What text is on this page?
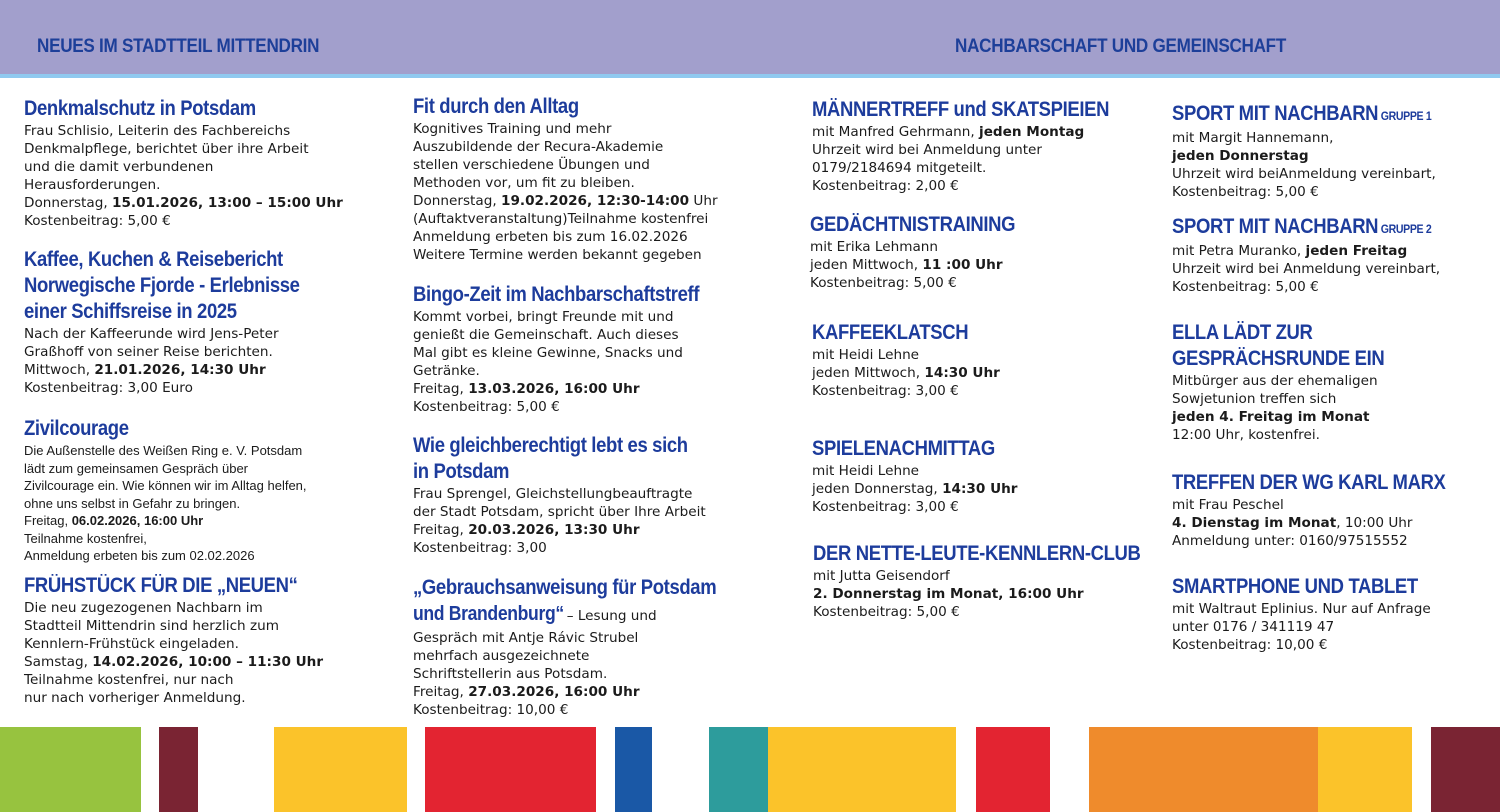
NEUES IM STADTTEIL MITTENDRIN	NACHBARSCHAFT UND GEMEINSCHAFT
Denkmalschutz in Potsdam
Frau Schlisio, Leiterin des Fachbereichs
Denkmalpflege, berichtet über ihre Arbeit
und die damit verbundenen
Herausforderungen.
Donnerstag, 15.01.2026, 13:00 – 15:00 Uhr
Kostenbeitrag: 5,00 €
Kaffee, Kuchen & Reisebericht
Norwegische Fjorde - Erlebnisse
einer Schiffsreise in 2025
Nach der Kaffeerunde wird Jens-Peter
Graßhoff von seiner Reise berichten.
Mittwoch, 21.01.2026, 14:30 Uhr
Kostenbeitrag: 3,00 Euro
Zivilcourage
Die Außenstelle des Weißen Ring e. V. Potsdam
lädt zum gemeinsamen Gespräch über
Zivilcourage ein. Wie können wir im Alltag helfen,
ohne uns selbst in Gefahr zu bringen.
Freitag, 06.02.2026, 16:00 Uhr
Teilnahme kostenfrei,
Anmeldung erbeten bis zum 02.02.2026
FRÜHSTÜCK FÜR DIE „NEUEN“
Die neu zugezogenen Nachbarn im
Stadtteil Mittendrin sind herzlich zum
Kennlern-Frühstück eingeladen.
Samstag, 14.02.2026, 10:00 – 11:30 Uhr
Teilnahme kostenfrei, nur nach
nur nach vorheriger Anmeldung.
Fit durch den Alltag
Kognitives Training und mehr
Auszubildende der Recura-Akademie
stellen verschiedene Übungen und
Methoden vor, um fit zu bleiben.
Donnerstag, 19.02.2026, 12:30-14:00 Uhr
(Auftaktveranstaltung)Teilnahme kostenfrei
Anmeldung erbeten bis zum 16.02.2026
Weitere Termine werden bekannt gegeben
Bingo-Zeit im Nachbarschaftstreff
Kommt vorbei, bringt Freunde mit und
genießt die Gemeinschaft. Auch dieses
Mal gibt es kleine Gewinne, Snacks und
Getränke.
Freitag, 13.03.2026, 16:00 Uhr
Kostenbeitrag: 5,00 €
Wie gleichberechtigt lebt es sich
in Potsdam
Frau Sprengel, Gleichstellungbeauftragte
der Stadt Potsdam, spricht über Ihre Arbeit
Freitag, 20.03.2026, 13:30 Uhr
Kostenbeitrag: 3,00
„Gebrauchsanweisung für Potsdam
und Brandenburg“ – Lesung und
Gespräch mit Antje Rávic Strubel
mehrfach ausgezeichnete
Schriftstellerin aus Potsdam.
Freitag, 27.03.2026, 16:00 Uhr
Kostenbeitrag: 10,00 €
MÄNNERTREFF und SKATSPIEIEN
mit Manfred Gehrmann, jeden Montag
Uhrzeit wird bei Anmeldung unter
0179/2184694 mitgeteilt.
Kostenbeitrag: 2,00 €
GEDÄCHTNISTRAINING
mit Erika Lehmann
jeden Mittwoch, 11 :00 Uhr
Kostenbeitrag: 5,00 €
KAFFEEKLATSCH
mit Heidi Lehne
jeden Mittwoch, 14:30 Uhr
Kostenbeitrag: 3,00 €
SPIELENACHMITTAG
mit Heidi Lehne
jeden Donnerstag, 14:30 Uhr
Kostenbeitrag: 3,00 €
DER NETTE-LEUTE-KENNLERN-CLUB
mit Jutta Geisendorf
2. Donnerstag im Monat, 16:00 Uhr
Kostenbeitrag: 5,00 €
SPORT MIT NACHBARN GRUPPE 1
mit Margit Hannemann,
jeden Donnerstag
Uhrzeit wird beiAnmeldung vereinbart,
Kostenbeitrag: 5,00 €
SPORT MIT NACHBARN GRUPPE 2
mit Petra Muranko, jeden Freitag
Uhrzeit wird bei Anmeldung vereinbart,
Kostenbeitrag: 5,00 €
ELLA LÄDT ZUR
GESPRÄCHSRUNDE EIN
Mitbürger aus der ehemaligen
Sowjetunion treffen sich
jeden 4. Freitag im Monat
12:00 Uhr, kostenfrei.
TREFFEN DER WG KARL MARX
mit Frau Peschel
4. Dienstag im Monat, 10:00 Uhr
Anmeldung unter: 0160/97515552
SMARTPHONE UND TABLET
mit Waltraut Eplinius. Nur auf Anfrage
unter 0176 / 341119 47
Kostenbeitrag: 10,00 €
